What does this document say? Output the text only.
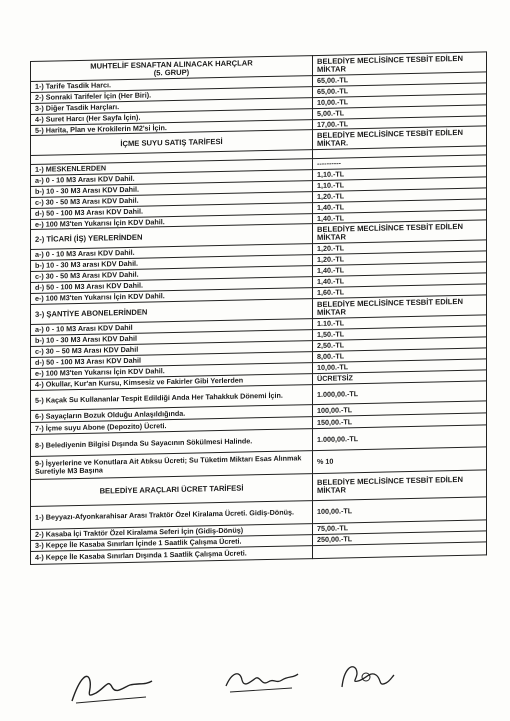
MUHTELİF ESNAFTAN ALINACAK HARÇLAR
(5. GRUP)	BELEDİYE MECLİSİNCE TESBİT EDİLEN MİKTAR
1-) Tarife Tasdik Harcı.	65,00.-TL
2-) Sonraki Tarifeler İçin (Her Biri).	65,00.-TL
3-) Diğer Tasdik Harçları.	10,00.-TL
4-) Suret Harcı (Her Sayfa İçin).	5,00.-TL
5-) Harita, Plan ve Krokilerin M2'si İçin.	17,00.-TL
İÇME SUYU SATIŞ TARİFESİ	BELEDİYE MECLİSİNCE TESBİT EDİLEN MİKTAR.

1-) MESKENLERDEN	----------
a-) 0 - 10 M3 Arası KDV Dahil.	1,10.-TL
b-) 10 - 30 M3 Arası KDV Dahil.	1,10.-TL
c-) 30 - 50 M3 Arası KDV Dahil.	1,20.-TL
d-) 50 - 100 M3 Arası KDV Dahil.	1,40.-TL
e-) 100 M3'ten Yukarısı İçin KDV Dahil.	1,40.-TL
2-) TİCARİ (İŞ) YERLERİNDEN	BELEDİYE MECLİSİNCE TESBİT EDİLEN MİKTAR
a-) 0 - 10 M3 Arası KDV Dahil.	1,20.-TL
b-) 10 - 30 M3 arası KDV Dahil.	1,20.-TL
c-) 30 - 50 M3 Arası KDV Dahil.	1,40.-TL
d-) 50 - 100 M3 Arası KDV Dahil.	1,40.-TL
e-) 100 M3'ten Yukarısı İçin KDV Dahil.	1,60.-TL
3-) ŞANTİYE ABONELERİNDEN	BELEDİYE MECLİSİNCE TESBİT EDİLEN MİKTAR
a-) 0 - 10 M3 Arası KDV Dahil	1.10.-TL
b-) 10 - 30 M3 Arası KDV Dahil	1,50.-TL
c-) 30 – 50 M3 Arası KDV Dahil	2,50.-TL
d-) 50 - 100 M3 Arası KDV Dahil	8,00.-TL
e-) 100 M3'ten Yukarısı İçin KDV Dahil.	10,00.-TL
4-) Okullar, Kur'an Kursu, Kimsesiz ve Fakirler Gibi Yerlerden	ÜCRETSİZ
5-) Kaçak Su Kullananlar Tespit Edildiği Anda Her Tahakkuk Dönemi İçin.	1.000,00.-TL
6-) Sayaçların Bozuk Olduğu Anlaşıldığında.	100,00.-TL
7-) İçme suyu Abone (Depozito) Ücreti.	150,00.-TL
8-) Belediyenin Bilgisi Dışında Su Sayacının Sökülmesi Halinde.	1.000,00.-TL
9-) İşyerlerine ve Konutlara Ait Atıksu Ücreti; Su Tüketim Miktarı Esas Alınmak Suretiyle M3 Başına	% 10
BELEDİYE ARAÇLARI ÜCRET TARİFESİ	BELEDİYE MECLİSİNCE TESBİT EDİLEN MİKTAR
1-) Beyyazı-Afyonkarahisar Arası Traktör Özel Kiralama Ücreti. Gidiş-Dönüş.	100,00.-TL
2-) Kasaba İçi Traktör Özel Kiralama Seferi İçin (Gidiş-Dönüş)	75,00.-TL
3-) Kepçe İle Kasaba Sınırları İçinde 1 Saatlik Çalışma Ücreti.	250,00.-TL
4-) Kepçe İle Kasaba Sınırları Dışında 1 Saatlik Çalışma Ücreti.	
